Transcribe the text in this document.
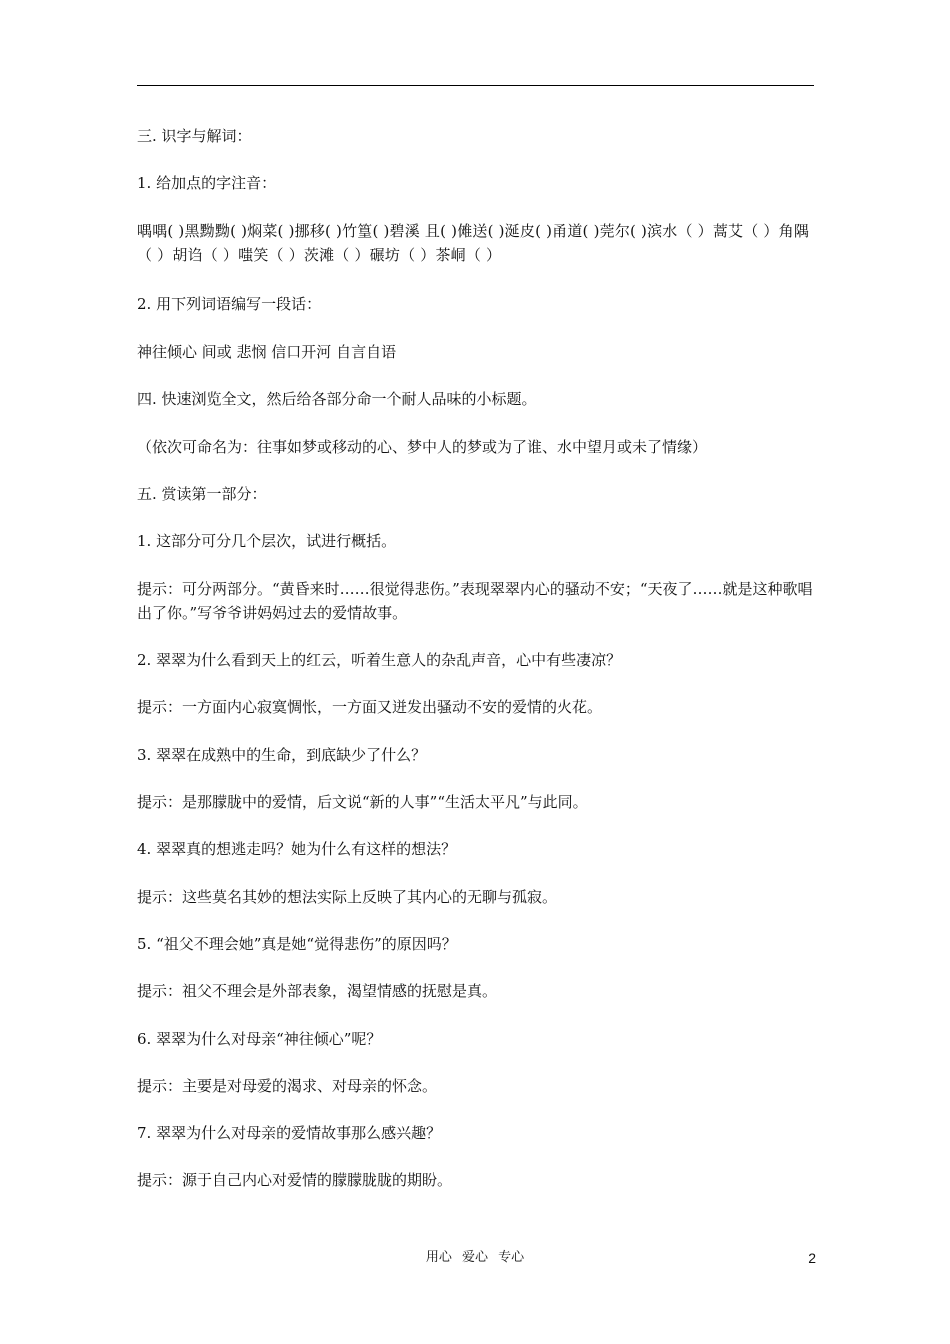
三. 识字与解词：

1. 给加点的字注音：

喁喁( )黑黝黝( )焖菜( )挪移( )竹篁( )碧溪 且( )傩送( )涎皮( )甬道( )莞尔( )滨水（ ）蒿艾（ ）角隅（ ）胡诌（ ）嗤笑（ ）茨滩（ ）碾坊（ ）茶峒（ ）

2. 用下列词语编写一段话：

神往倾心 间或 悲悯 信口开河 自言自语

四. 快速浏览全文，然后给各部分命一个耐人品味的小标题。

（依次可命名为：往事如梦或移动的心、梦中人的梦或为了谁、水中望月或未了情缘）

五. 赏读第一部分：

1. 这部分可分几个层次，试进行概括。

提示：可分两部分。“黄昏来时……很觉得悲伤。”表现翠翠内心的骚动不安；“天夜了……就是这种歌唱出了你。”写爷爷讲妈妈过去的爱情故事。

2. 翠翠为什么看到天上的红云，听着生意人的杂乱声音，心中有些凄凉？

提示：一方面内心寂寞惆怅，一方面又迸发出骚动不安的爱情的火花。

3. 翠翠在成熟中的生命，到底缺少了什么？

提示：是那朦胧中的爱情，后文说“新的人事”“生活太平凡”与此同。

4. 翠翠真的想逃走吗？她为什么有这样的想法？

提示：这些莫名其妙的想法实际上反映了其内心的无聊与孤寂。

5. “祖父不理会她”真是她“觉得悲伤”的原因吗？

提示：祖父不理会是外部表象，渴望情感的抚慰是真。

6. 翠翠为什么对母亲“神往倾心”呢？

提示：主要是对母爱的渴求、对母亲的怀念。

7. 翠翠为什么对母亲的爱情故事那么感兴趣？

提示：源于自己内心对爱情的朦朦胧胧的期盼。

用心 爱心 专心	2
